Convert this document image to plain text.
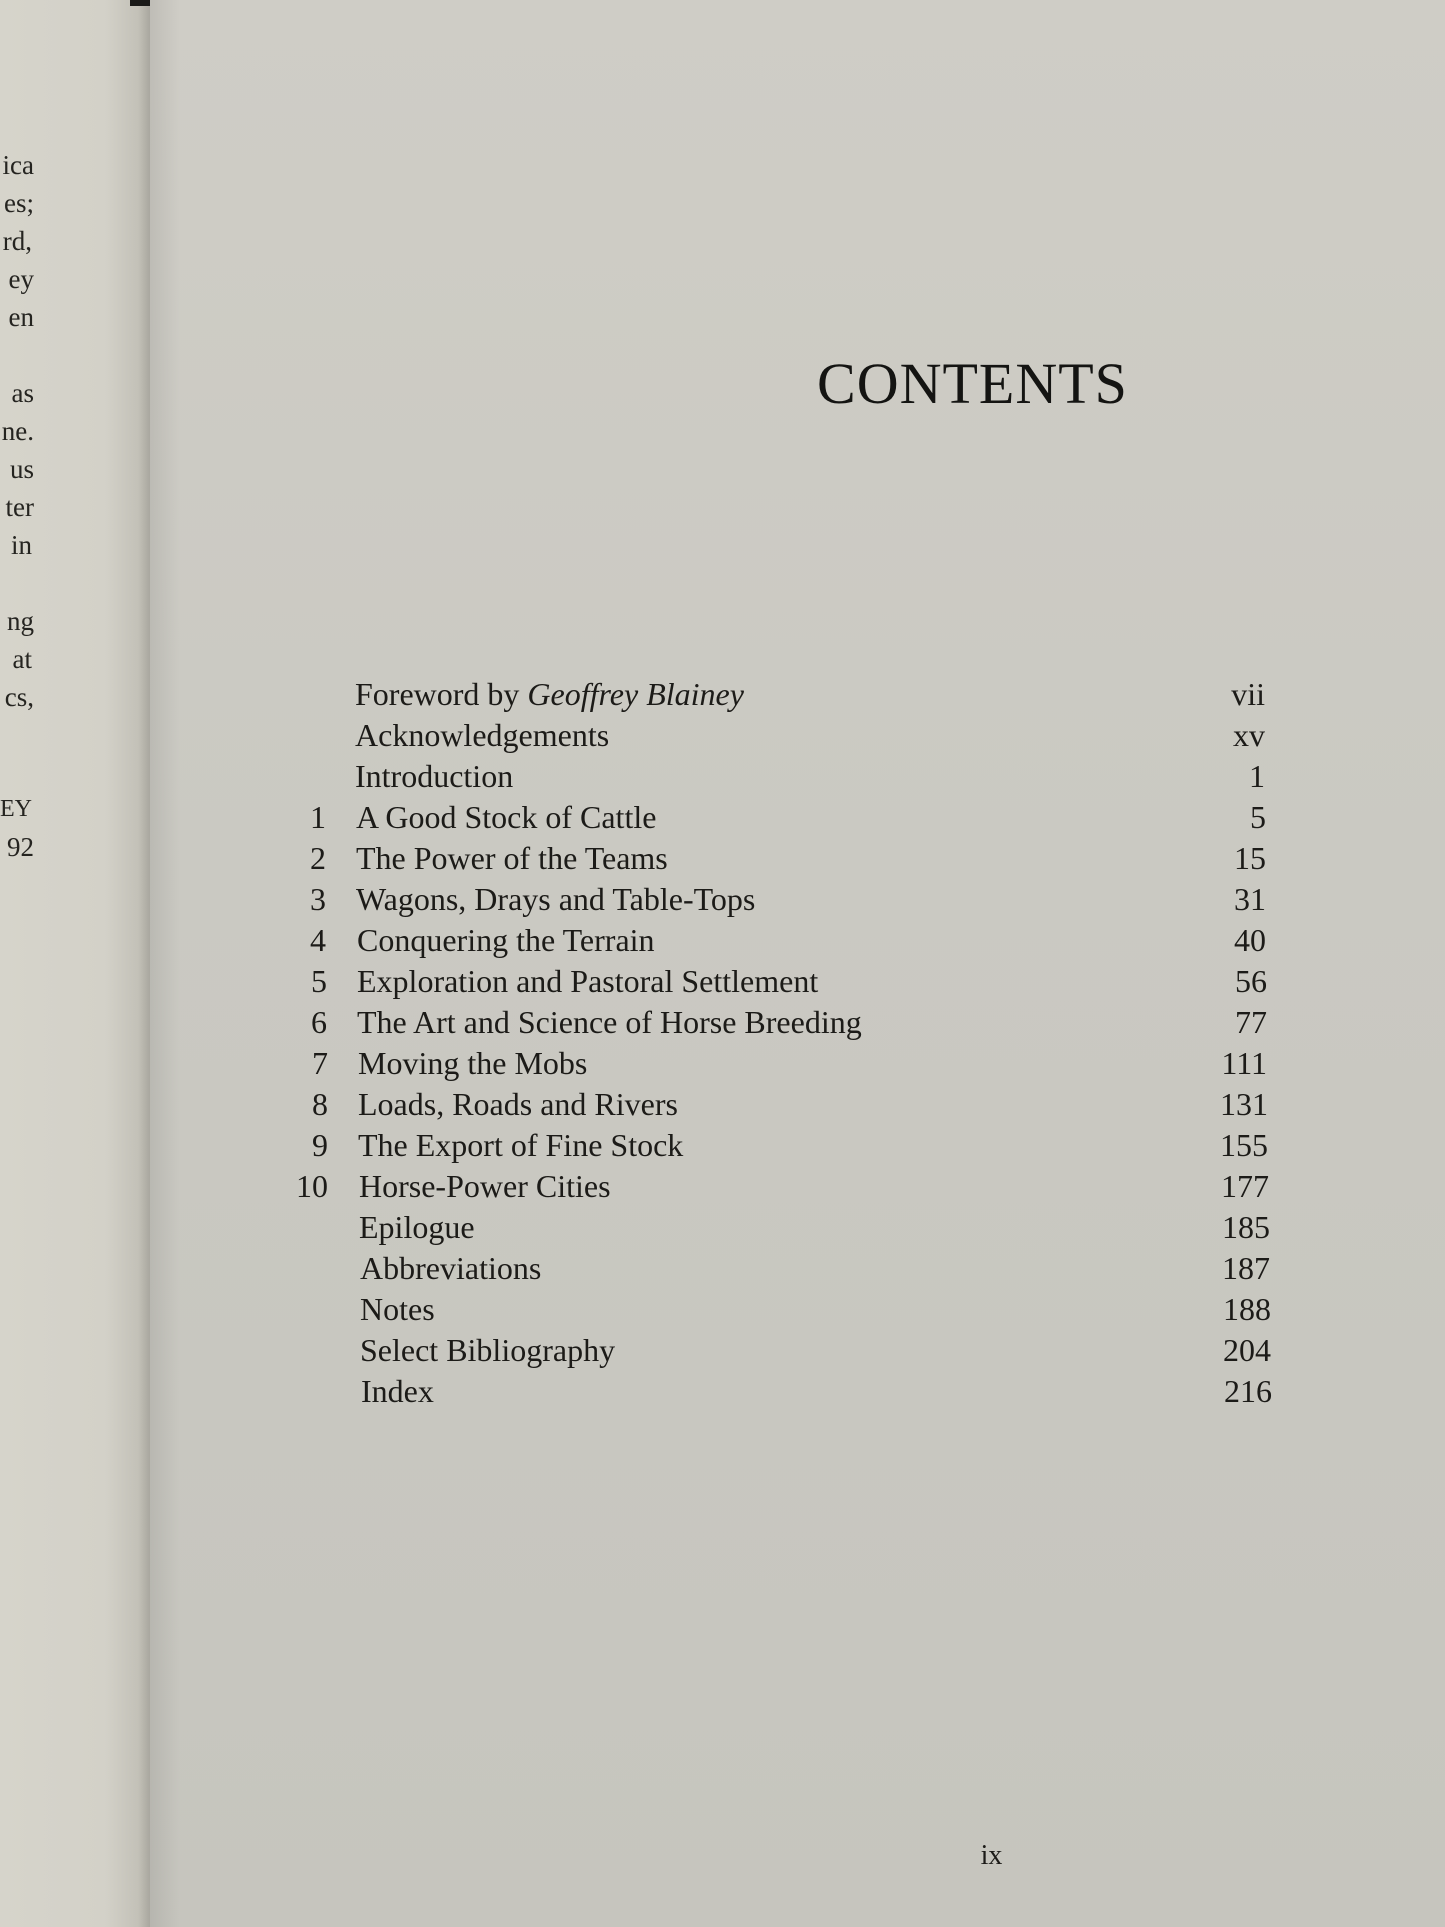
ica
es;
rd,
ey
en
as
ne.
us
ter
in
ng
at
cs,
EY
92
CONTENTS
Foreword by Geoffrey Blainey	vii
Acknowledgements	xv
Introduction	1
1 A Good Stock of Cattle	5
2 The Power of the Teams	15
3 Wagons, Drays and Table-Tops	31
4 Conquering the Terrain	40
5 Exploration and Pastoral Settlement	56
6 The Art and Science of Horse Breeding	77
7 Moving the Mobs	111
8 Loads, Roads and Rivers	131
9 The Export of Fine Stock	155
10 Horse-Power Cities	177
Epilogue	185
Abbreviations	187
Notes	188
Select Bibliography	204
Index	216
ix
